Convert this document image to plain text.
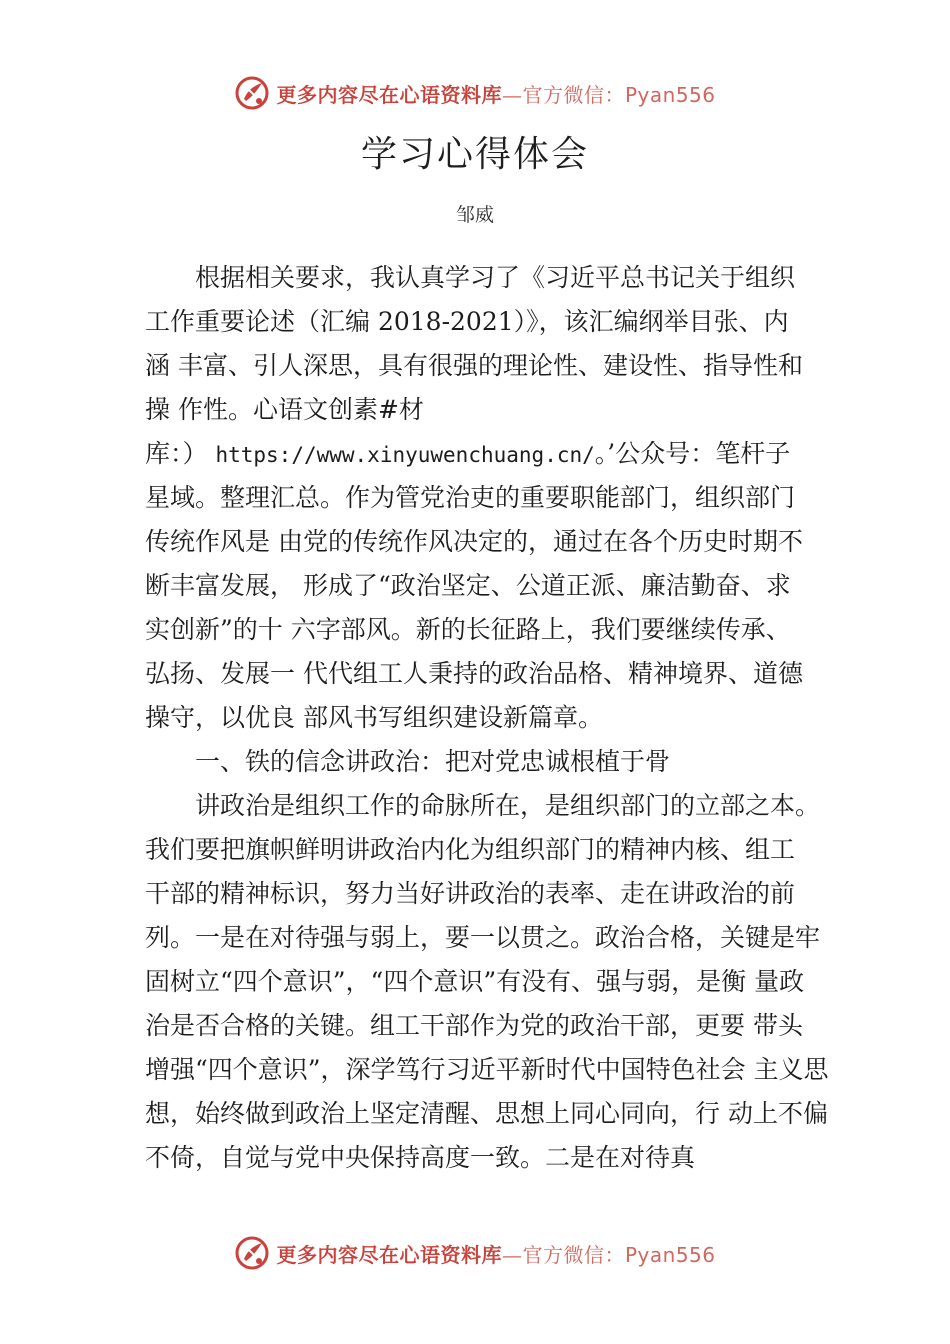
更多内容尽在心语资料库—官方微信：Pyan556
学习心得体会
邹威
根据相关要求，我认真学习了《习近平总书记关于组织
工作重要论述（汇编 2018-2021）》，该汇编纲举目张、内
涵 丰富、引人深思，具有很强的理论性、建设性、指导性和
操 作性。心语文创素#材
库：） https://www.xinyuwenchuang.cn/。’公众号：笔杆子
星域。整理汇总。作为管党治吏的重要职能部门，组织部门
传统作风是 由党的传统作风决定的，通过在各个历史时期不
断丰富发展， 形成了“政治坚定、公道正派、廉洁勤奋、求
实创新”的十 六字部风。新的长征路上，我们要继续传承、
弘扬、发展一 代代组工人秉持的政治品格、精神境界、道德
操守，以优良 部风书写组织建设新篇章。
一、铁的信念讲政治：把对党忠诚根植于骨
讲政治是组织工作的命脉所在，是组织部门的立部之本。
我们要把旗帜鲜明讲政治内化为组织部门的精神内核、组工
干部的精神标识，努力当好讲政治的表率、走在讲政治的前
列。一是在对待强与弱上，要一以贯之。政治合格，关键是牢
固树立“四个意识”，“四个意识”有没有、强与弱，是衡 量政
治是否合格的关键。组工干部作为党的政治干部，更要 带头
增强“四个意识”，深学笃行习近平新时代中国特色社会 主义思
想，始终做到政治上坚定清醒、思想上同心同向，行 动上不偏
不倚，自觉与党中央保持高度一致。二是在对待真
更多内容尽在心语资料库—官方微信：Pyan556
